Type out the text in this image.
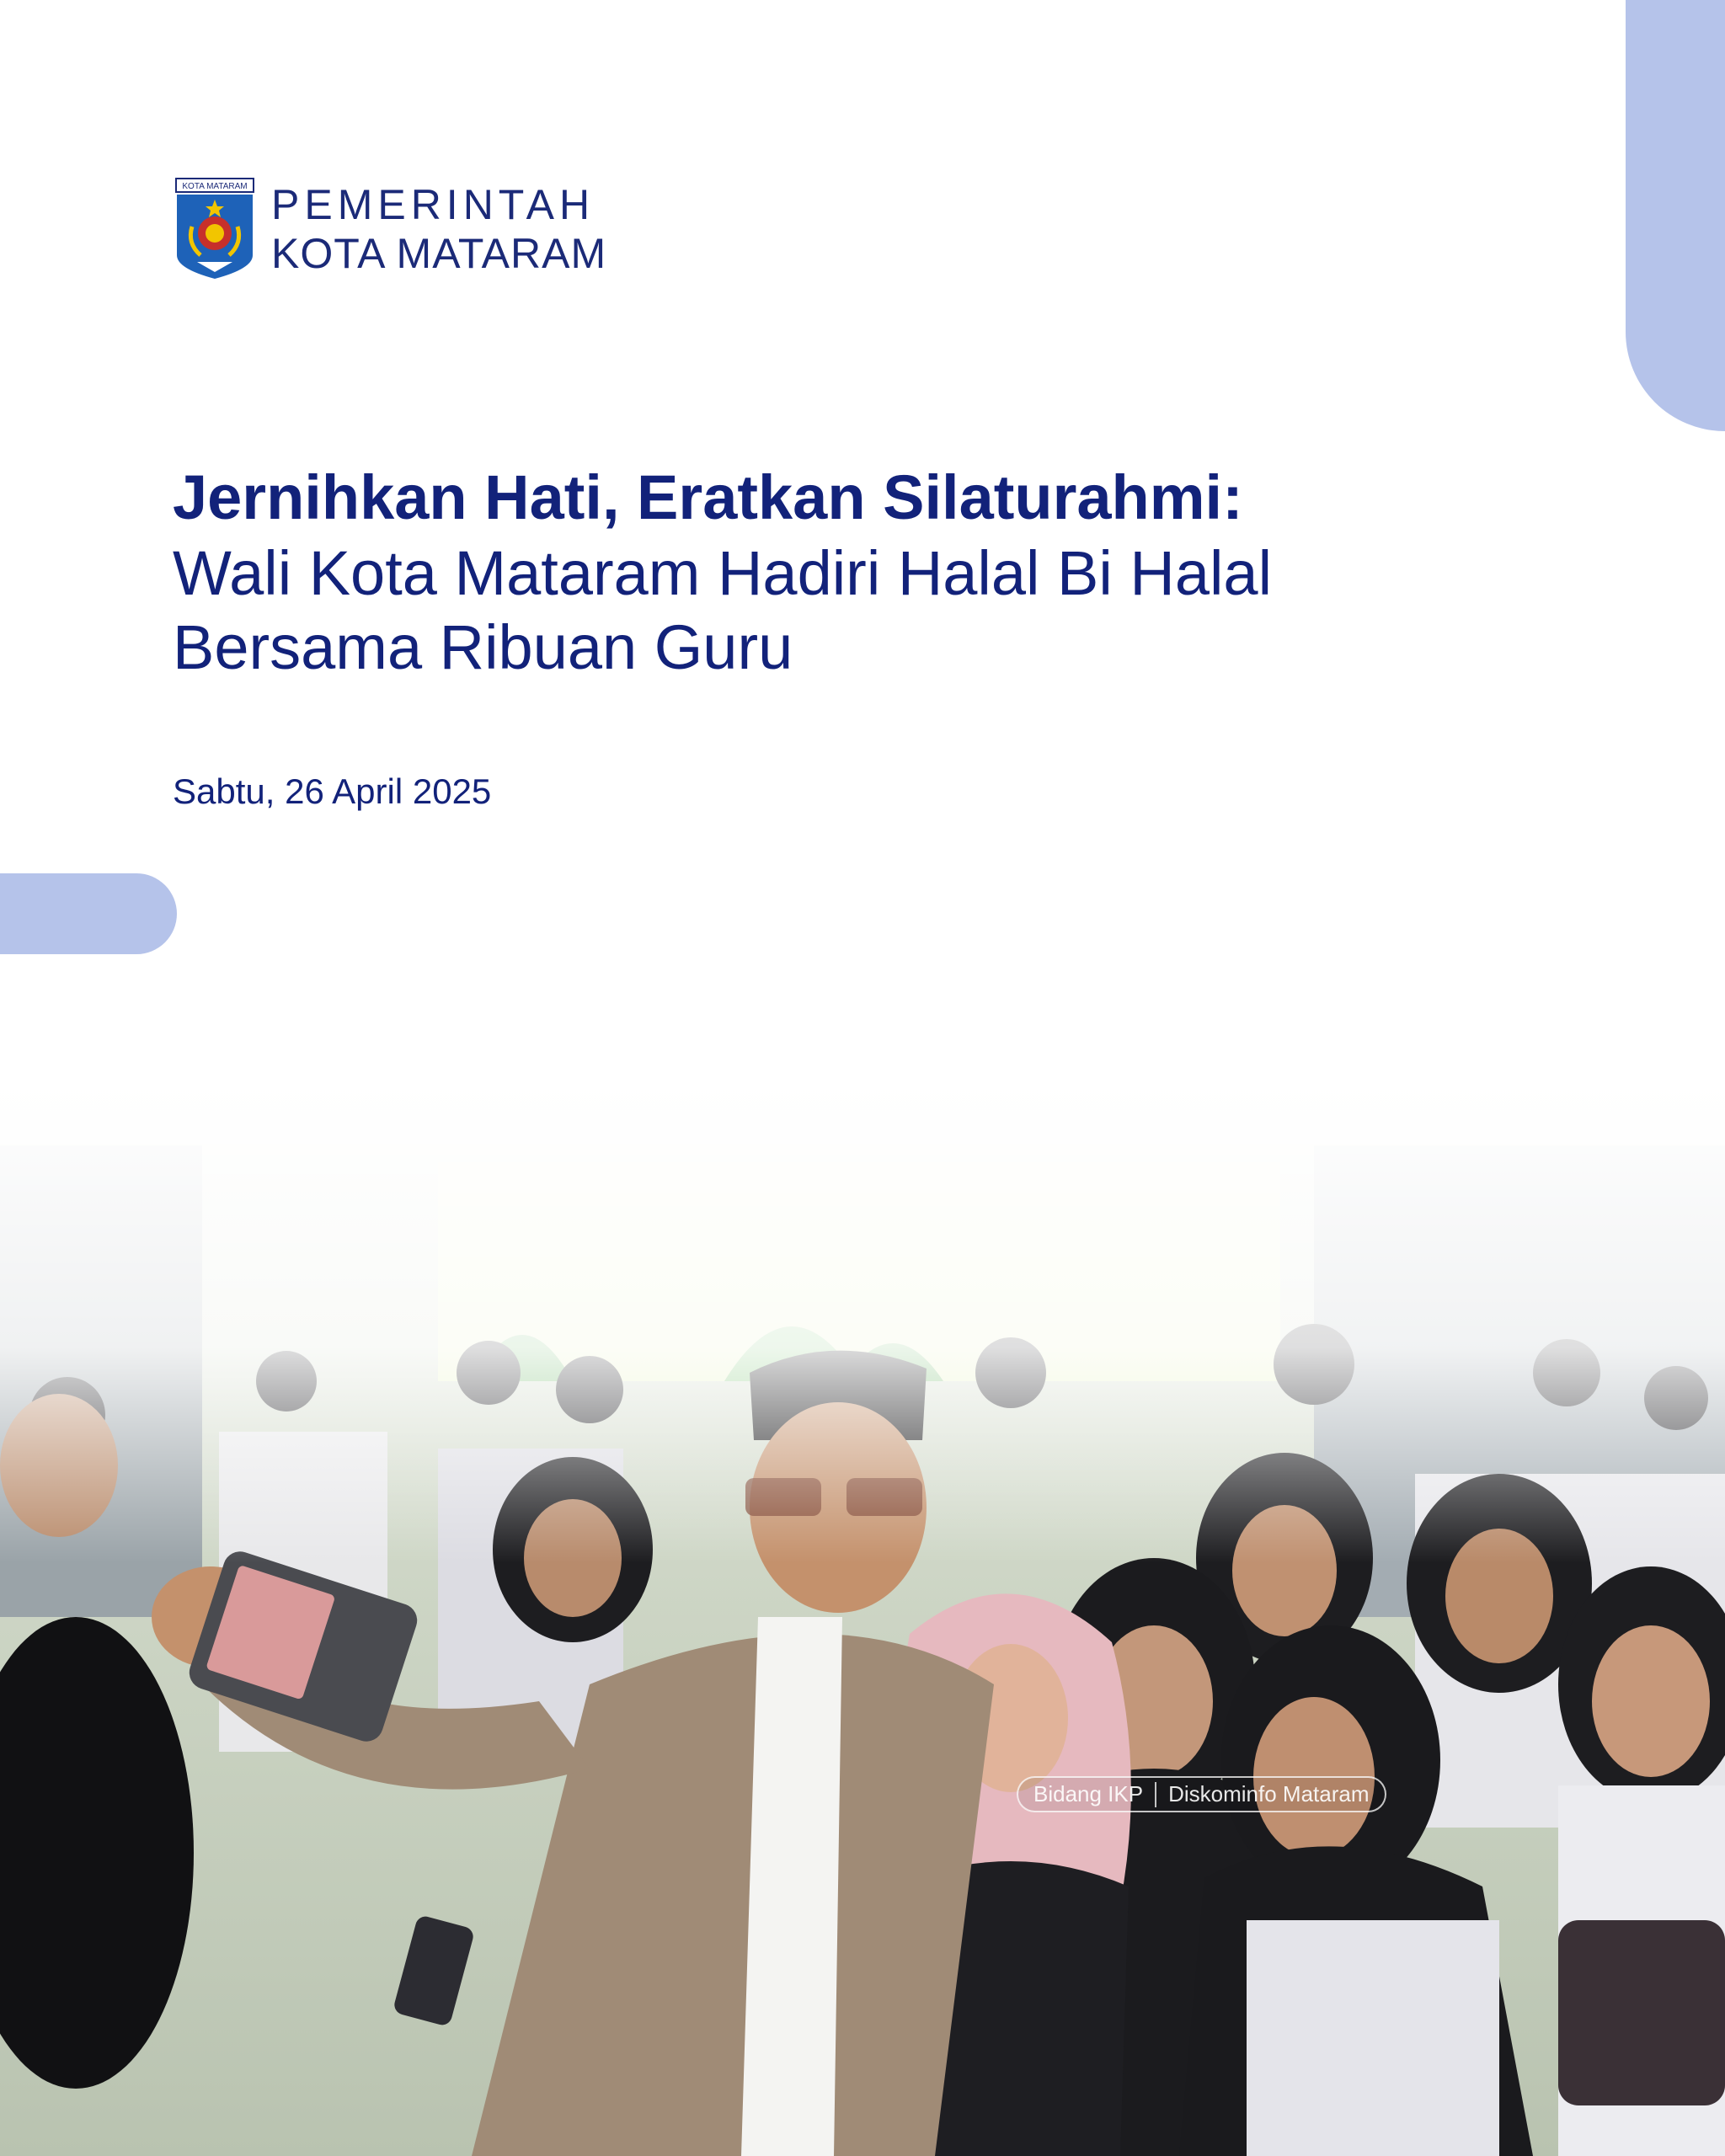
KOTA MATARAM PEMERINTAH
KOTA MATARAM
Jernihkan Hati, Eratkan Silaturahmi:
Wali Kota Mataram Hadiri Halal Bi Halal
Bersama Ribuan Guru
Sabtu, 26 April 2025
Bidang IKP Diskominfo Mataram
